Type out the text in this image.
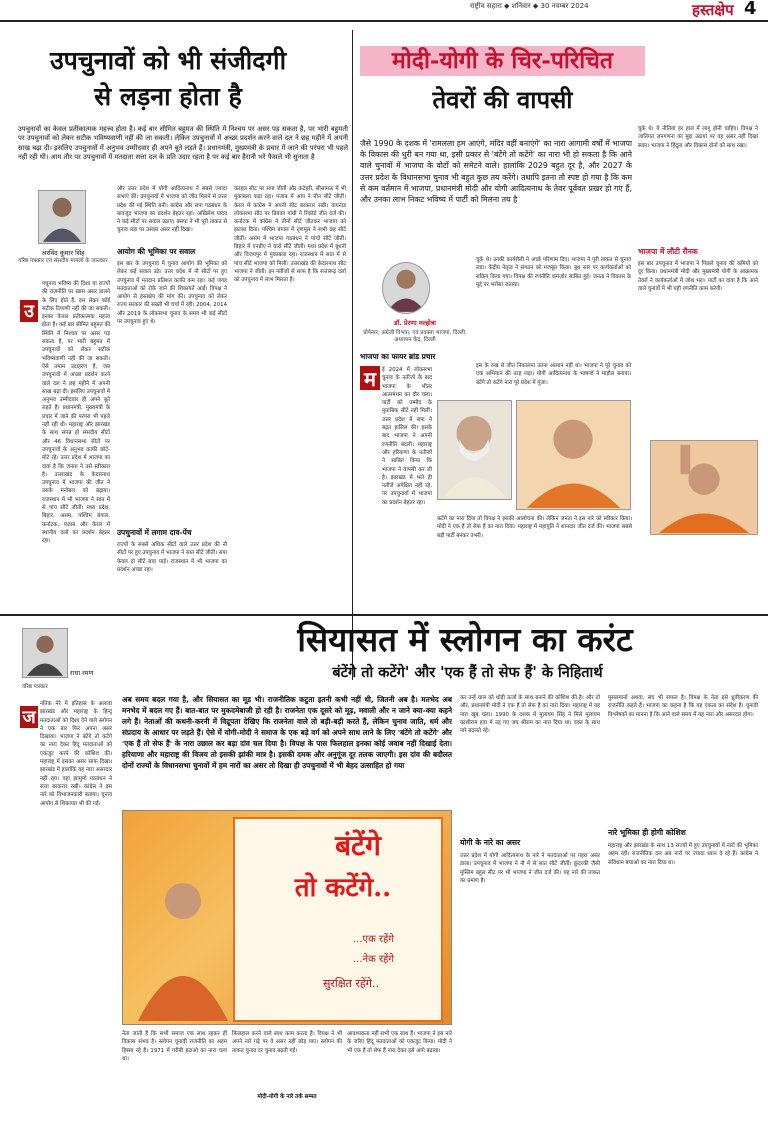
राष्ट्रीय सहारा ◆ शनिवार ◆ 30 नवम्बर 2024	हस्तक्षेप 4
उपचुनावों को भी संजीदगी
से लड़ना होता है
उपचुनावों का केवल प्रतीकात्मक महत्त्व होता है। कई बार सीमित बहुमत की स्थिति में निश्चय पर असर पड़ सकता है, पर भारी बहुमती पर उपचुनावों को लेकर सटीक भविष्यवाणी नहीं की जा सकती। लेकिन उपचुनावों में अच्छा प्रदर्शन करने वाले दल ने छह महीने में अपनी साख बढ़ा दी। इसलिए उपचुनावों में अनुभव उम्मीदवार ही अपने बूते लड़ते हैं। प्रधानमंत्री, मुख्यमंत्री के प्रचार में जाने की परंपरा भी पहले नहीं रही थी। आम तौर पर उपचुनावों में मतदाता सत्ता दल के प्रति उदार रहता है पर कई बार हैरानी भरे फैसले भी सुनाता है
अरविंद कुमार सिंह
वरिष्ठ पत्रकार एवं संसदीय मामलों के जानकार
उ
पचुनाव भविष्य की दिशा या राज्यों की राजनीति पर खास असर डालने के लिए होते हैं, इस लेकर कोई सटीक टिप्पणी नहीं की जा सकती। इनका केवल प्रतीकात्मक महत्त्व होता है। कई बार सीमित बहुमत की स्थिति में निश्चय पर असर पड़ सकता है, पर भारी बहुमत में उपचुनावों को लेकर सटीक भविष्यवाणी नहीं की जा सकती। ऐसे तमाम उदाहरण हैं, जब उपचुनावों में अच्छा प्रदर्शन करने वाले दल ने छह महीने में अपनी साख बढ़ा दी। इसलिए उपचुनावों में अनुभव उम्मीदवार ही अपने बूते लड़ते हैं। प्रधानमंत्री, मुख्यमंत्री के प्रचार में जाने की परंपरा भी पहले नहीं रही थी। महाराष्ट्र और झारखंड के साथ संपन्न हो संसदीय सीटों और 46 विधानसभा सीटों पर उपचुनावों के अनुभव काफी छोटे-मोटे रहे। उत्तर प्रदेश में भाजपा का दावा है कि जनता ने उसे स्वीकारा है। उत्तराखंड के केदारनाथ उपचुनाव में भाजपा की जीत ने उसके मनोबल को बढ़ाया। राजस्थान में भी भाजपा ने सात में से पांच सीटें जीतीं। मध्य प्रदेश, बिहार, असम, पश्चिम बंगाल, कर्नाटक, पंजाब और केरल में स्थानीय दलों का प्रदर्शन बेहतर रहा।
और उत्तर प्रदेश में योगी आदित्यनाथ ने सबसे ज्यादा सभाएं कीं। उपचुनावों में भाजपा को जीत मिलने से उत्तर प्रदेश की नई स्थिति बनी। कांग्रेस और सपा गठबंधन के बावजूद भाजपा का प्रदर्शन बेहतर रहा। अखिलेश यादव ने कई सीटों पर सवाल उठाए। बसपा ने भी पूरी ताकत से चुनाव लड़ा पर उसका असर नहीं दिखा।
आयोग की भूमिका पर सवाल
इस बार के उपचुनाव में चुनाव आयोग की भूमिका को लेकर कई सवाल उठे। उत्तर प्रदेश में नौ सीटों पर हुए उपचुनाव में मतदान प्रतिशत काफी कम रहा। कई जगह मतदाताओं को रोके जाने की शिकायतें आईं। विपक्ष ने आयोग से हस्तक्षेप की मांग की। उपचुनाव को लेकर राज्य सरकार की सख्ती भी चर्चा में रही। 2004, 2014 और 2019 के लोकसभा चुनाव के समय भी कई सीटों पर उपचुनाव हुए थे।
उपचुनावों में लगाम दाव-पेंच
राज्यों के सबसे अधिक सीटों वाले उत्तर प्रदेश की नौ सीटों पर हुए उपचुनाव में भाजपा ने सात सीटें जीतीं। सपा केवल दो सीटें बचा पाई। राजस्थान में भी भाजपा का प्रदर्शन अच्छा रहा।
करहल सीट पर सपा जीती और कटेहरी, सीसामऊ में भी मुकाबला कड़ा रहा। पंजाब में आप ने तीन सीटें जीतीं। केरल में कांग्रेस ने अपनी सीट बरकरार रखी। वायनाड लोकसभा सीट पर प्रियंका गांधी ने रिकॉर्ड जीत दर्ज की। कर्नाटक में कांग्रेस ने तीनों सीटें जीतकर भाजपा को झटका दिया। पश्चिम बंगाल में तृणमूल ने सभी छह सीटें जीतीं। असम में भाजपा गठबंधन ने पांचों सीटें जीतीं। बिहार में एनडीए ने चारों सीटें जीतीं। मध्य प्रदेश में बुधनी और विजयपुर में मुकाबला रहा। राजस्थान में सात में से पांच सीटें भाजपा को मिलीं। उत्तराखंड की केदारनाथ सीट भाजपा ने जीती। इन नतीजों से साफ है कि सत्तारूढ़ दलों को उपचुनाव में लाभ मिलता है।
मोदी-योगी के चिर-परिचित
तेवरों की वापसी
जैसे 1990 के दशक में 'रामलला हम आएंगे, मंदिर वहीं बनाएंगे' का नारा आगामी वर्षों में भाजपा के विकास की धुरी बन गया था, इसी प्रकार से 'बंटेंगे तो कटेंगे' का नारा भी हो सकता है कि आने वाले चुनावों में भाजपा के वोटों को समेटने वाले। हालांकि 2029 बहुत दूर है, और 2027 के उत्तर प्रदेश के विधानसभा चुनाव भी बहुत कुछ तय करेंगे। तथापि इतना तो स्पष्ट हो गया है कि कम से कम वर्तमान में भाजपा, प्रधानमंत्री मोदी और योगी आदित्यनाथ के तेवर पूर्ववत प्रखर हो गए हैं, और उनका लाभ निकट भविष्य में पार्टी को मिलना तय है
चुके थे। ये नीतियां हर हाल में लागू होनी चाहिए। विपक्ष ने जातिगत जनगणना का मुद्दा उठाया पर वह असर नहीं दिखा सका। भाजपा ने हिंदुत्व और विकास दोनों को साथ रखा।
भाजपा में लौटी रौनक
इस बार उपचुनाव में भाजपा ने पिछले चुनाव की कमियों को दूर किया। प्रधानमंत्री मोदी और मुख्यमंत्री योगी के आक्रामक तेवरों ने कार्यकर्ताओं में जोश भरा। पार्टी का दावा है कि आने वाले चुनावों में भी यही रणनीति काम करेगी।
डॉ. प्रेरणा मल्होत्रा
प्रोफेसर, अंग्रेजी विभाग, एवं प्रवक्ता भाजपा, दिल्ली, अध्यापन केंद्र, दिल्ली
चुके थे। उनकी कार्यशैली ने अच्छे परिणाम दिए। भाजपा ने पूरी ताकत से चुनाव लड़ा। केंद्रीय नेतृत्व ने संगठन को मजबूत किया। बूथ स्तर पर कार्यकर्ताओं को सक्रिय किया गया। विपक्ष की रणनीति कमजोर साबित हुई। जनता ने विकास के मुद्दे पर भरोसा जताया।
भाजपा का फायर ब्रांड प्रचार
इस के रुख से जीत निकालना उतना आसान नहीं था। भाजपा ने पूरे चुनाव को एक अभियान की तरह लड़ा। योगी आदित्यनाथ के भाषणों ने माहौल बनाया। बंटेंगे तो कटेंगे नारा पूरे प्रदेश में गूंजा।
म	ई 2024 में लोकसभा चुनाव के नतीजों के बाद भाजपा के भीतर आत्ममंथन का दौर चला। पार्टी को उम्मीद के मुताबिक सीटें नहीं मिलीं। उत्तर प्रदेश में सपा ने बढ़त हासिल की। इसके बाद भाजपा ने अपनी रणनीति बदली। महाराष्ट्र और हरियाणा के नतीजों ने साबित किया कि भाजपा ने वापसी कर ली है। झारखंड में भले ही नतीजे अपेक्षित नहीं रहे, पर उपचुनावों में भाजपा का प्रदर्शन बेहतर रहा।
कटेंगे का नारा दिया तो विपक्ष ने इसकी आलोचना की। लेकिन जनता ने इस नारे को स्वीकार किया। मोदी ने एक हैं तो सेफ हैं का नारा दिया। महाराष्ट्र में महायुति ने शानदार जीत दर्ज की। भाजपा सबसे बड़ी पार्टी बनकर उभरी।
राधा रमण
वरिष्ठ पत्रकार
सियासत में स्लोगन का करंट
बंटेंगे तो कटेंगे' और 'एक हैं तो सेफ हैं' के निहितार्थ
ज
नतिक नेरे में इतिहास के अलावा झारखंड और महाराष्ट्र के हिन्दू मतदाताओं को दिशा देने वाले स्लोगन ने एक बार फिर अपना असर दिखाया। भाजपा ने बंटेंगे तो कटेंगे का नारा देकर हिंदू मतदाताओं को एकजुट करने की कोशिश की। महाराष्ट्र में इसका असर साफ दिखा। झारखंड में हालांकि यह नारा असरदार नहीं रहा। वहां झामुमो गठबंधन ने सत्ता बरकरार रखी। कांग्रेस ने इस नारे को विभाजनकारी बताया। चुनाव आयोग से शिकायत भी की गई।
अब समय बदल गया है, और सियासत का मूड भी। राजनीतिक कटुता इतनी कभी नहीं थी, जितनी अब है। मतभेद अब मनभेद में बदल गए हैं। बात-बात पर मुकदमेबाजी हो रही है। राजनेता एक दूसरे को मूढ़, मवाली और न जाने क्या-क्या कहने लगे हैं। नेताओं की कथनी-करनी में विद्रूपता देखिए कि राजनेता वाले तो बड़ी-बड़ी करते हैं, लेकिन चुनाव जाति, धर्म और संप्रदाय के आधार पर लड़ते हैं। ऐसे में योगी-मोदी ने समाज के एक बड़े वर्ग को अपने साथ लाने के लिए 'बंटेंगे तो कटेंगे' और 'एक हैं तो सेफ हैं' के नारा उछाल कर बड़ा दांव चल दिया है। विपक्ष के पास फिलहाल इनका कोई जवाब नहीं दिखाई देता। हरियाणा और महाराष्ट्र की विजय तो इसकी झांकी मात्र है। इसकी दमक और अनुगूंज दूर तलक जाएगी। इस दांव की बदौलत दोनों राज्यों के विधानसभा चुनावों में हम नारों का असर तो दिखा ही उपचुनावों में भी बेहद उत्साहित हो गया
बंटेंगे
तो कटेंगे..
...एक रहेंगे
...नेक रहेंगे
सुरक्षित रहेंगे..
नेता जाती हैं कि सभी समाज एक साथ रहकर ही विकास संभव है। स्लोगन चुनावी राजनीति का अहम हिस्सा रहे हैं। 1971 में गरीबी हटाओ का नारा चला था।
फिलहाल करने वाले साथ काम करता है। विपक्ष ने भी अपने नारे गढ़े पर वे असर नहीं छोड़ पाए। स्लोगन की ताकत चुनाव दर चुनाव बढ़ती गई।
मोदी-योगी के नारे तर्क सम्मत
आवश्यकता नहीं सभी एक साथ हैं। भाजपा ने इस नारे के जरिए हिंदू मतदाताओं को एकजुट किया। मोदी ने भी एक हैं तो सेफ हैं नारा देकर इसे आगे बढ़ाया।
कर उन्हें चाल को थोड़ी ऊर्जा के साथ बनाने की कोशिश की है। और तो और, प्रधानमंत्री मोदी ने एक हैं तो सेफ हैं का नारा दिया। महाराष्ट्र में यह नारा खूब चला। 1990 के दशक में मुलायम सिंह ने मिले मुलायम कांशीराम हवा में उड़ गए जय श्रीराम का नारा दिया था। वक्त के साथ नारे बदलते रहे।
योगी के नारे का असर
उत्तर प्रदेश में योगी आदित्यनाथ के नारे ने मतदाताओं पर गहरा असर डाला। उपचुनाव में भाजपा ने नौ में से सात सीटें जीतीं। कुंदरकी जैसी मुस्लिम बहुल सीट पर भी भाजपा ने जीत दर्ज की। यह नारे की ताकत का प्रमाण है।
मुसलमानों अथवा, संघ भी सफल है। विपक्ष के नेता इसे ध्रुवीकरण की राजनीति कहते हैं। भाजपा का कहना है कि यह एकता का संदेश है। चुनावी विश्लेषकों का मानना है कि आने वाले समय में यह नारा और असरदार होगा।
नारे भूमिका ही होगी कोशिश
महाराष्ट्र और झारखंड के साथ 13 राज्यों में हुए उपचुनावों में नारों की भूमिका अहम रही। राजनीतिक दल अब नारों पर ज्यादा ध्यान दे रहे हैं। कांग्रेस ने संविधान बचाओ का नारा दिया था।
